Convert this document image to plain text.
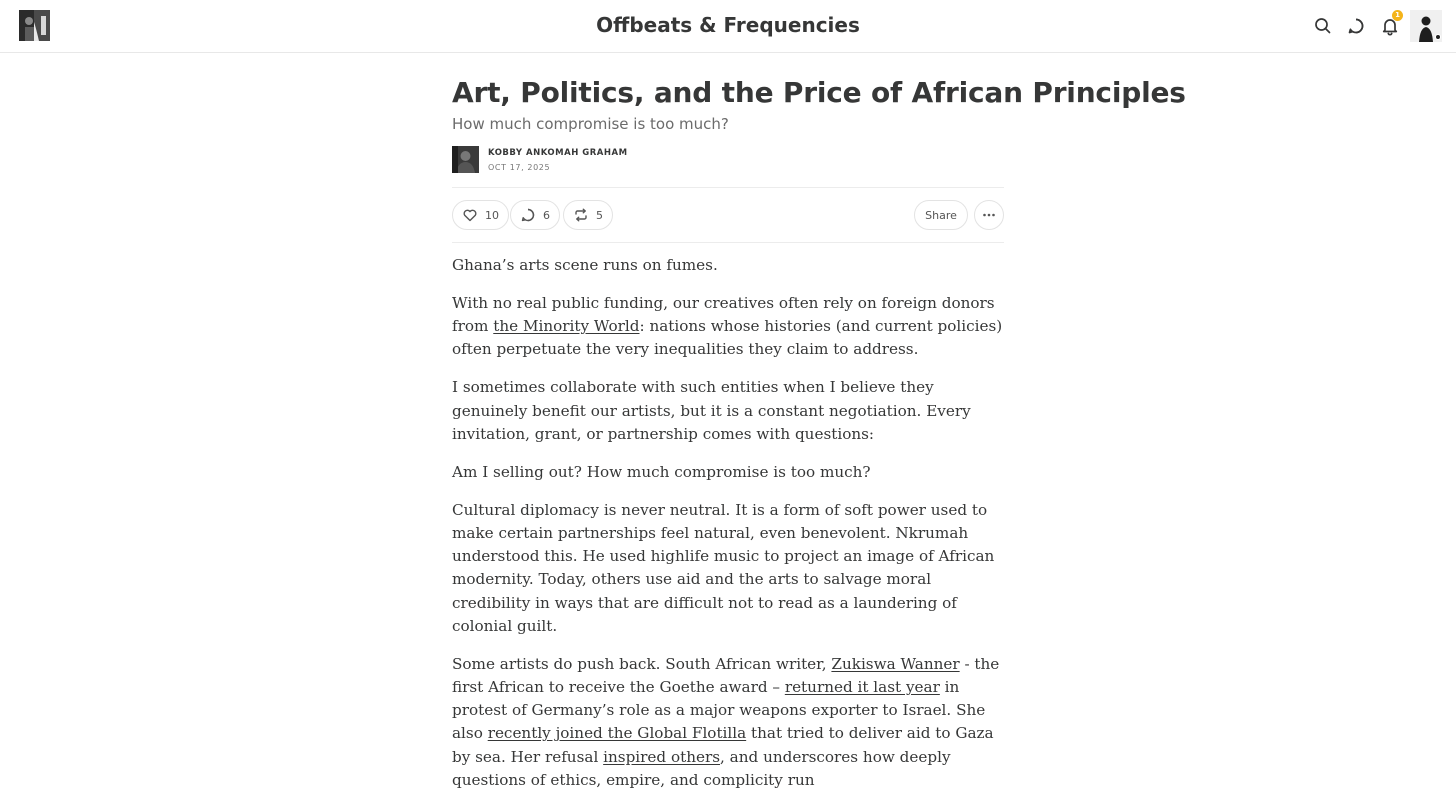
Offbeats & Frequencies	1
Art, Politics, and the Price of African Principles
How much compromise is too much?
KOBBY ANKOMAH GRAHAM
OCT 17, 2025
10	6	5	Share

Ghana’s arts scene runs on fumes.

With no real public funding, our creatives often rely on foreign donors from the Minority World: nations whose histories (and current policies) often perpetuate the very inequalities they claim to address.

I sometimes collaborate with such entities when I believe they genuinely benefit our artists, but it is a constant negotiation. Every invitation, grant, or partnership comes with questions:

Am I selling out? How much compromise is too much?

Cultural diplomacy is never neutral. It is a form of soft power used to make certain partnerships feel natural, even benevolent. Nkrumah understood this. He used highlife music to project an image of African modernity. Today, others use aid and the arts to salvage moral credibility in ways that are difficult not to read as a laundering of colonial guilt.

Some artists do push back. South African writer, Zukiswa Wanner - the first African to receive the Goethe award – returned it last year in protest of Germany’s role as a major weapons exporter to Israel. She also recently joined the Global Flotilla that tried to deliver aid to Gaza by sea. Her refusal inspired others, and underscores how deeply questions of ethics, empire, and complicity run
